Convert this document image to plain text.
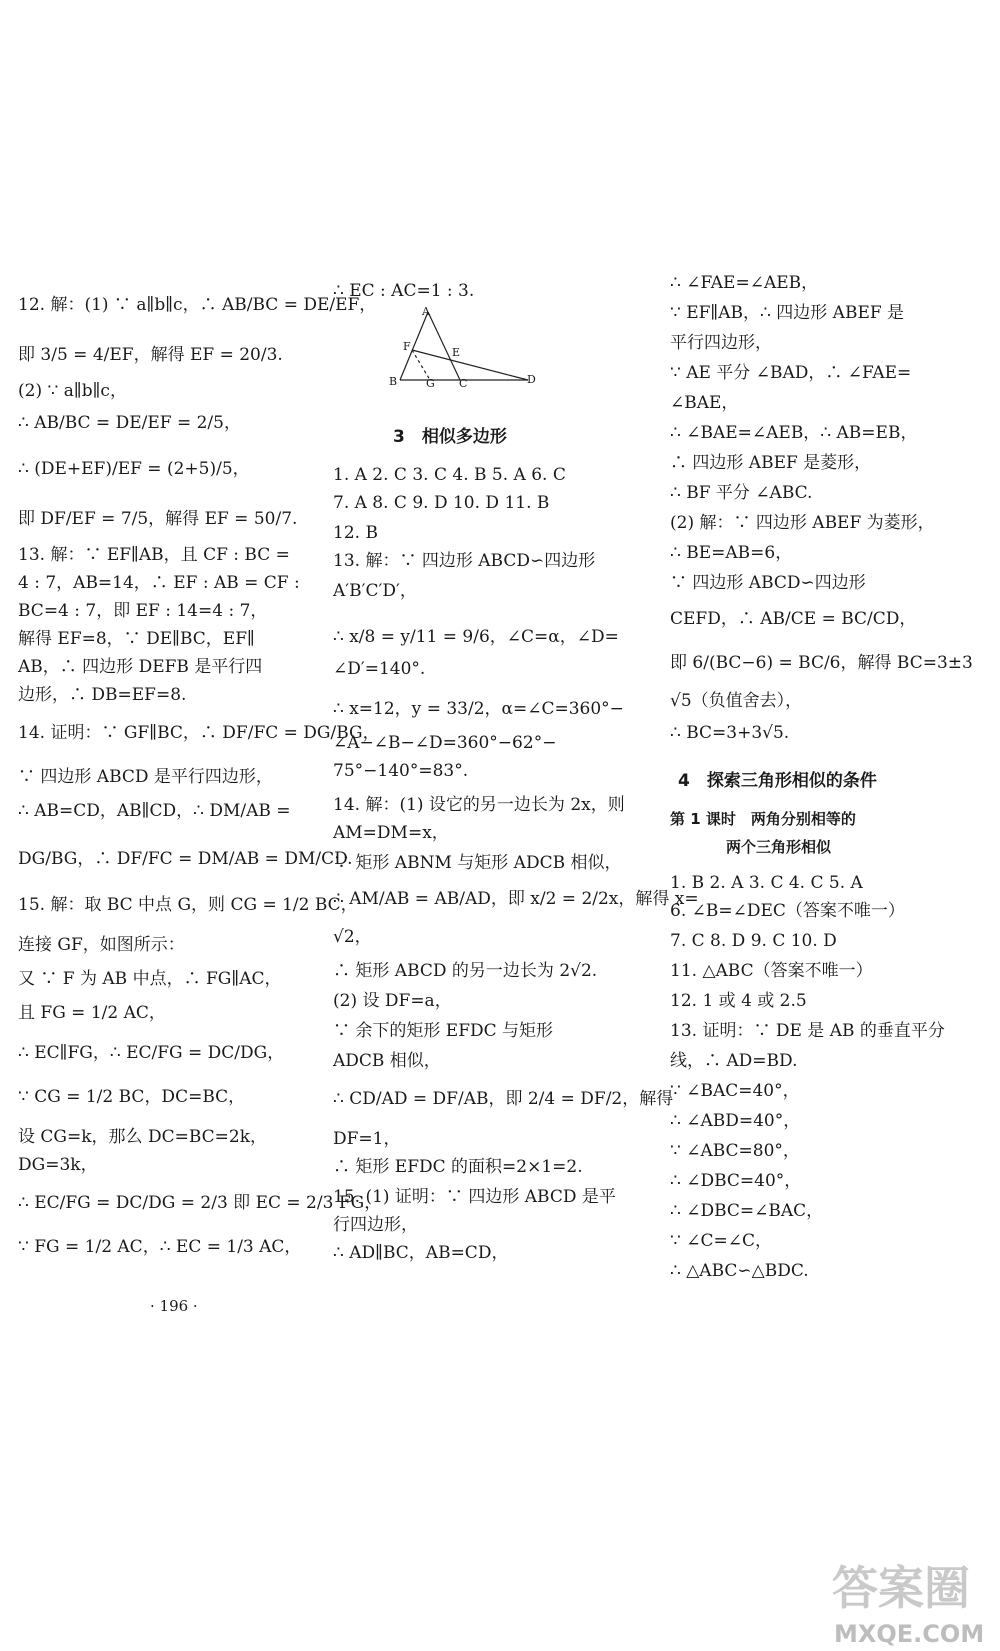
12. 解：(1) ∵ a∥b∥c，∴ AB/BC = DE/EF，
即 3/5 = 4/EF，解得 EF = 20/3.
(2) ∵ a∥b∥c，
∴ AB/BC = DE/EF = 2/5，
∴ (DE+EF)/EF = (2+5)/5，
即 DF/EF = 7/5，解得 EF = 50/7.
13. 解：∵ EF∥AB，且 CF : BC =
4 : 7，AB=14，∴ EF : AB = CF :
BC=4 : 7，即 EF : 14=4 : 7，
解得 EF=8，∵ DE∥BC，EF∥
AB，∴ 四边形 DEFB 是平行四
边形，∴ DB=EF=8.
14. 证明：∵ GF∥BC，∴ DF/FC = DG/BG，
∵ 四边形 ABCD 是平行四边形，
∴ AB=CD，AB∥CD，∴ DM/AB =
DG/BG，∴ DF/FC = DM/AB = DM/CD.
15. 解：取 BC 中点 G，则 CG = 1/2 BC，
连接 GF，如图所示：
又 ∵ F 为 AB 中点，∴ FG∥AC，
且 FG = 1/2 AC，
∴ EC∥FG，∴ EC/FG = DC/DG，
∵ CG = 1/2 BC，DC=BC，
设 CG=k，那么 DC=BC=2k，
DG=3k，
∴ EC/FG = DC/DG = 2/3 即 EC = 2/3 FG，
∵ FG = 1/2 AC，∴ EC = 1/3 AC，
∴ EC : AC=1 : 3.
A
B	C	D
E
F
G
3　相似多边形
1. A 2. C 3. C 4. B 5. A 6. C
7. A 8. C 9. D 10. D 11. B
12. B
13. 解：∵ 四边形 ABCD∽四边形
A′B′C′D′，
∴ x/8 = y/11 = 9/6，∠C=α，∠D=
∠D′=140°.
∴ x=12，y = 33/2，α=∠C=360°−
∠A−∠B−∠D=360°−62°−
75°−140°=83°.
14. 解：(1) 设它的另一边长为 2x，则
AM=DM=x，
∵ 矩形 ABNM 与矩形 ADCB 相似，
∴ AM/AB = AB/AD，即 x/2 = 2/2x，解得 x=
√2，
∴ 矩形 ABCD 的另一边长为 2√2.
(2) 设 DF=a，
∵ 余下的矩形 EFDC 与矩形
ADCB 相似，
∴ CD/AD = DF/AB，即 2/4 = DF/2，解得
DF=1，
∴ 矩形 EFDC 的面积=2×1=2.
15. (1) 证明：∵ 四边形 ABCD 是平
行四边形，
∴ AD∥BC，AB=CD，
∴ ∠FAE=∠AEB，
∵ EF∥AB，∴ 四边形 ABEF 是
平行四边形，
∵ AE 平分 ∠BAD，∴ ∠FAE=
∠BAE，
∴ ∠BAE=∠AEB，∴ AB=EB，
∴ 四边形 ABEF 是菱形，
∴ BF 平分 ∠ABC.
(2) 解：∵ 四边形 ABEF 为菱形，
∴ BE=AB=6，
∵ 四边形 ABCD∽四边形
CEFD，∴ AB/CE = BC/CD，
即 6/(BC−6) = BC/6，解得 BC=3±3
√5（负值舍去），
∴ BC=3+3√5.
4　探索三角形相似的条件
第 1 课时　两角分别相等的
两个三角形相似
1. B 2. A 3. C 4. C 5. A
6. ∠B=∠DEC（答案不唯一）
7. C 8. D 9. C 10. D
11. △ABC（答案不唯一）
12. 1 或 4 或 2.5
13. 证明：∵ DE 是 AB 的垂直平分
线，∴ AD=BD.
∵ ∠BAC=40°，
∴ ∠ABD=40°，
∵ ∠ABC=80°，
∴ ∠DBC=40°，
∴ ∠DBC=∠BAC，
∵ ∠C=∠C，
∴ △ABC∽△BDC.
· 196 ·
答案圈
MXQE.COM
